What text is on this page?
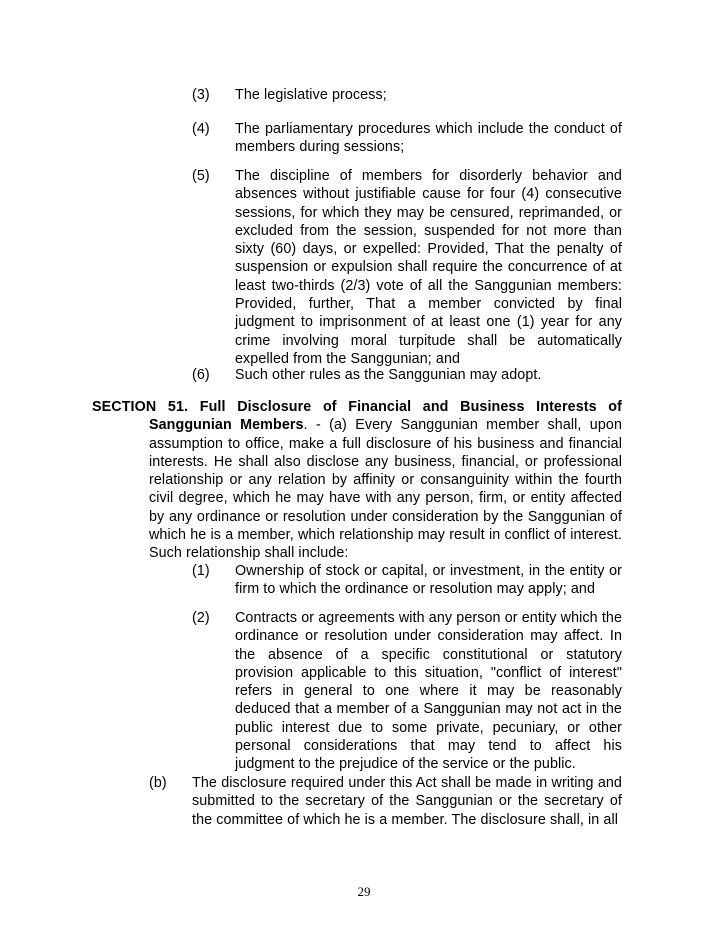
(3)	The legislative process;
(4)	The parliamentary procedures which include the conduct of members during sessions;
(5)	The discipline of members for disorderly behavior and absences without justifiable cause for four (4) consecutive sessions, for which they may be censured, reprimanded, or excluded from the session, suspended for not more than sixty (60) days, or expelled: Provided, That the penalty of suspension or expulsion shall require the concurrence of at least two-thirds (2/3) vote of all the Sanggunian members: Provided, further, That a member convicted by final judgment to imprisonment of at least one (1) year for any crime involving moral turpitude shall be automatically expelled from the Sanggunian; and
(6)	Such other rules as the Sanggunian may adopt.
SECTION 51. Full Disclosure of Financial and Business Interests of
Sanggunian Members. - (a) Every Sanggunian member shall, upon assumption to office, make a full disclosure of his business and financial interests. He shall also disclose any business, financial, or professional relationship or any relation by affinity or consanguinity within the fourth civil degree, which he may have with any person, firm, or entity affected by any ordinance or resolution under consideration by the Sanggunian of which he is a member, which relationship may result in conflict of interest. Such relationship shall include:
(1)	Ownership of stock or capital, or investment, in the entity or firm to which the ordinance or resolution may apply; and
(2)	Contracts or agreements with any person or entity which the ordinance or resolution under consideration may affect. In the absence of a specific constitutional or statutory provision applicable to this situation, "conflict of interest" refers in general to one where it may be reasonably deduced that a member of a Sanggunian may not act in the public interest due to some private, pecuniary, or other personal considerations that may tend to affect his judgment to the prejudice of the service or the public.
(b)	The disclosure required under this Act shall be made in writing and submitted to the secretary of the Sanggunian or the secretary of the committee of which he is a member. The disclosure shall, in all
29
